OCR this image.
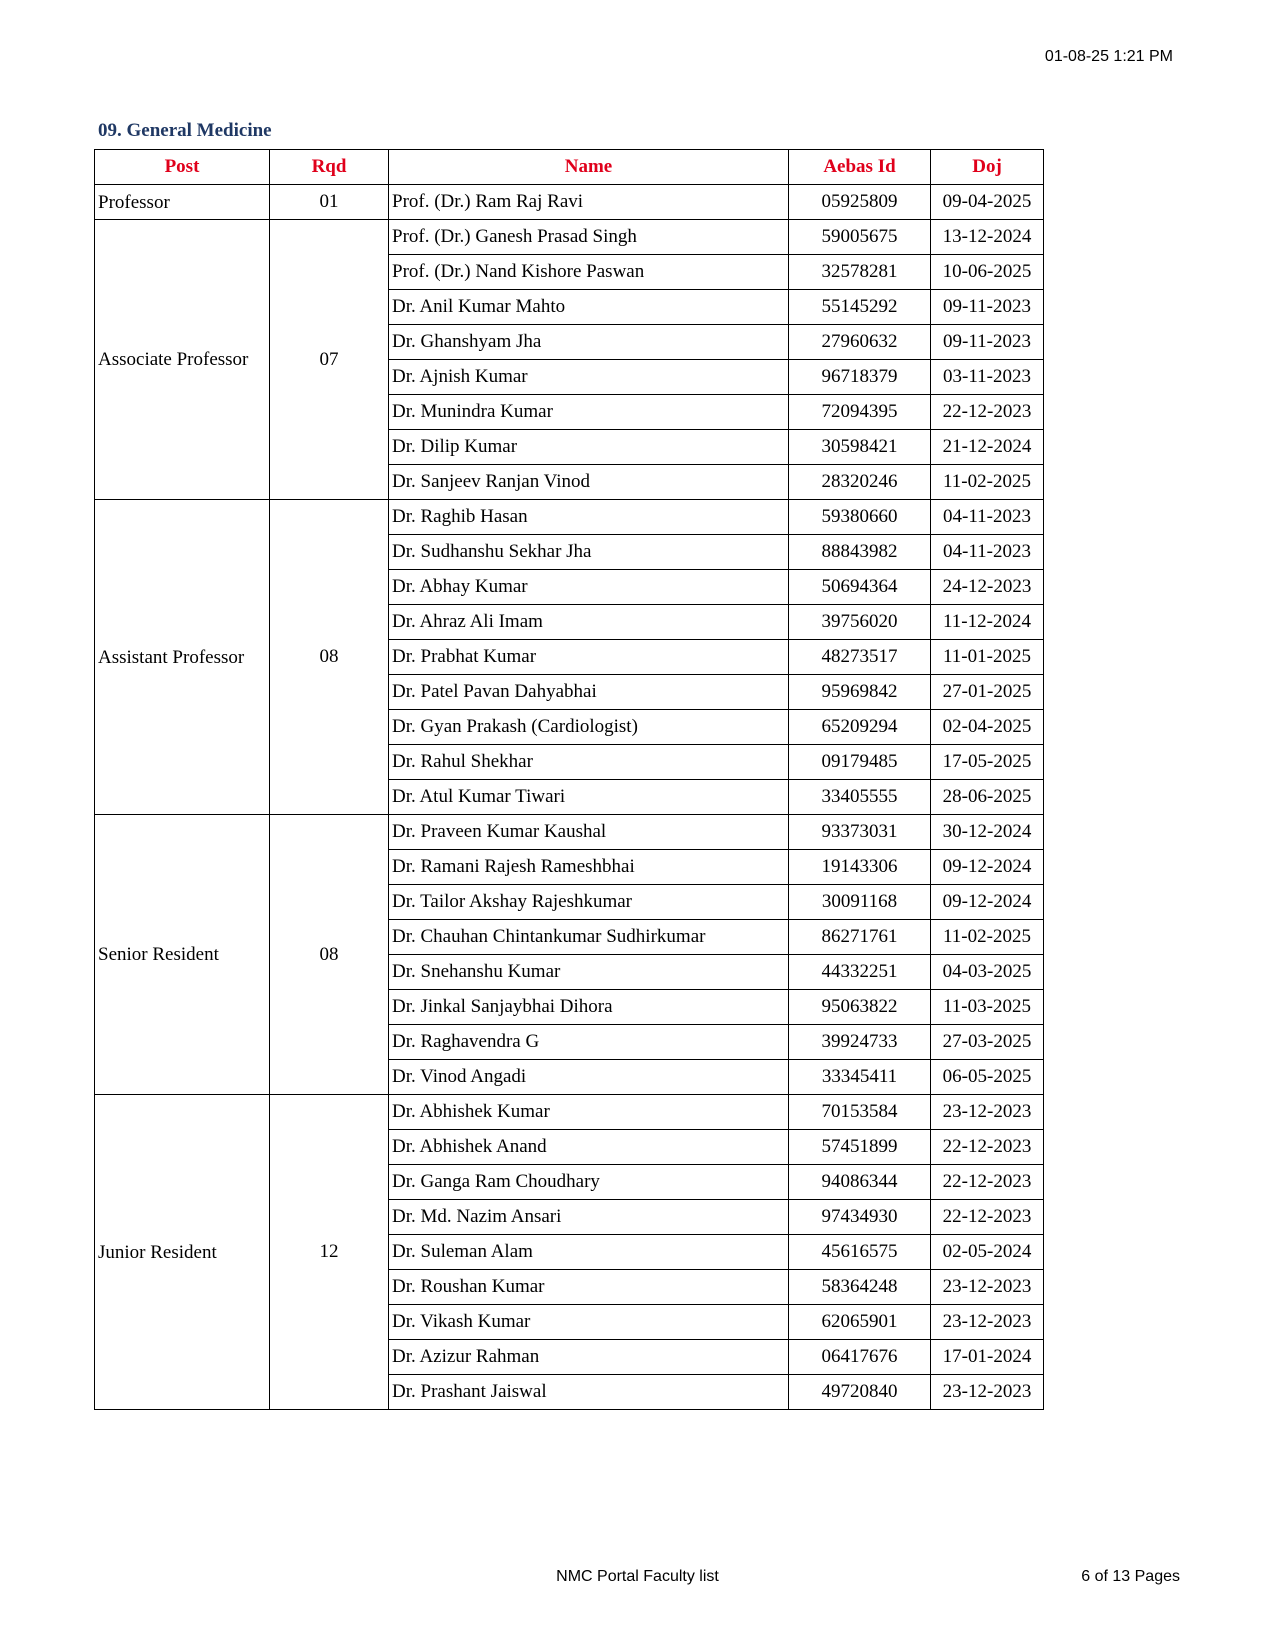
01-08-25 1:21 PM
09. General Medicine
Post	Rqd	Name	Aebas Id	Doj
Professor	01	Prof. (Dr.) Ram Raj Ravi	05925809	09-04-2025
Associate Professor	07	Prof. (Dr.) Ganesh Prasad Singh	59005675	13-12-2024
		Prof. (Dr.) Nand Kishore Paswan	32578281	10-06-2025
		Dr. Anil Kumar Mahto	55145292	09-11-2023
		Dr. Ghanshyam Jha	27960632	09-11-2023
		Dr. Ajnish Kumar	96718379	03-11-2023
		Dr. Munindra Kumar	72094395	22-12-2023
		Dr. Dilip Kumar	30598421	21-12-2024
		Dr. Sanjeev Ranjan Vinod	28320246	11-02-2025
Assistant Professor	08	Dr. Raghib Hasan	59380660	04-11-2023
		Dr. Sudhanshu Sekhar Jha	88843982	04-11-2023
		Dr. Abhay Kumar	50694364	24-12-2023
		Dr. Ahraz Ali Imam	39756020	11-12-2024
		Dr. Prabhat Kumar	48273517	11-01-2025
		Dr. Patel Pavan Dahyabhai	95969842	27-01-2025
		Dr. Gyan Prakash (Cardiologist)	65209294	02-04-2025
		Dr. Rahul Shekhar	09179485	17-05-2025
		Dr. Atul Kumar Tiwari	33405555	28-06-2025
Senior Resident	08	Dr. Praveen Kumar Kaushal	93373031	30-12-2024
		Dr. Ramani Rajesh Rameshbhai	19143306	09-12-2024
		Dr. Tailor Akshay Rajeshkumar	30091168	09-12-2024
		Dr. Chauhan Chintankumar Sudhirkumar	86271761	11-02-2025
		Dr. Snehanshu Kumar	44332251	04-03-2025
		Dr. Jinkal Sanjaybhai Dihora	95063822	11-03-2025
		Dr. Raghavendra G	39924733	27-03-2025
		Dr. Vinod Angadi	33345411	06-05-2025
Junior Resident	12	Dr. Abhishek Kumar	70153584	23-12-2023
		Dr. Abhishek Anand	57451899	22-12-2023
		Dr. Ganga Ram Choudhary	94086344	22-12-2023
		Dr. Md. Nazim Ansari	97434930	22-12-2023
		Dr. Suleman Alam	45616575	02-05-2024
		Dr. Roushan Kumar	58364248	23-12-2023
		Dr. Vikash Kumar	62065901	23-12-2023
		Dr. Azizur Rahman	06417676	17-01-2024
		Dr. Prashant Jaiswal	49720840	23-12-2023
NMC Portal Faculty list	6 of 13 Pages
